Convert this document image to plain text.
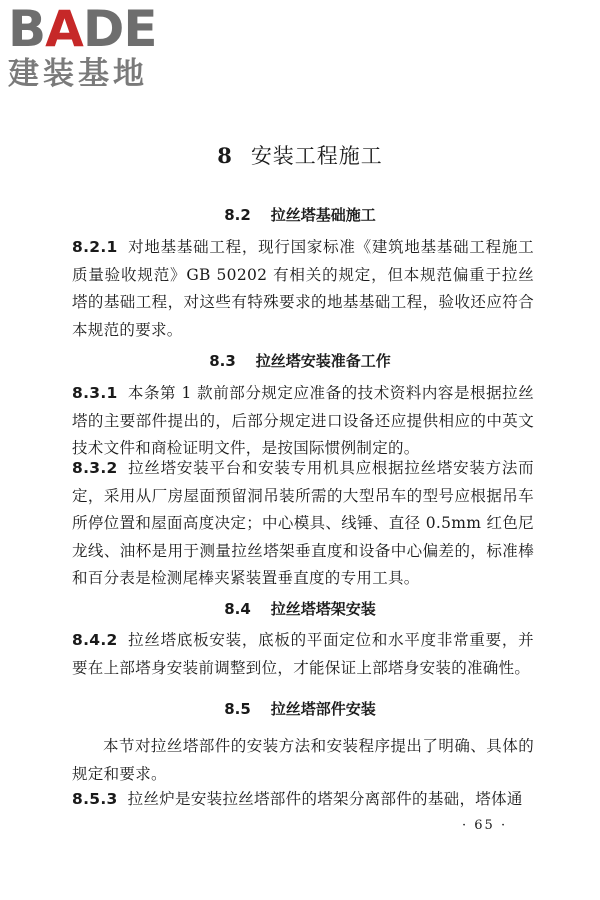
B A D E
建装基地
8 安装工程施工
8.2 拉丝塔基础施工
8.2.1 对地基基础工程，现行国家标准《建筑地基基础工程施工质量验收规范》GB 50202 有相关的规定，但本规范偏重于拉丝塔的基础工程，对这些有特殊要求的地基基础工程，验收还应符合本规范的要求。
8.3 拉丝塔安装准备工作
8.3.1 本条第 1 款前部分规定应准备的技术资料内容是根据拉丝塔的主要部件提出的，后部分规定进口设备还应提供相应的中英文技术文件和商检证明文件，是按国际惯例制定的。
8.3.2 拉丝塔安装平台和安装专用机具应根据拉丝塔安装方法而定，采用从厂房屋面预留洞吊装所需的大型吊车的型号应根据吊车所停位置和屋面高度决定；中心模具、线锤、直径 0.5mm 红色尼龙线、油杯是用于测量拉丝塔架垂直度和设备中心偏差的，标准棒和百分表是检测尾棒夹紧装置垂直度的专用工具。
8.4 拉丝塔塔架安装
8.4.2 拉丝塔底板安装，底板的平面定位和水平度非常重要，并要在上部塔身安装前调整到位，才能保证上部塔身安装的准确性。
8.5 拉丝塔部件安装
本节对拉丝塔部件的安装方法和安装程序提出了明确、具体的规定和要求。
8.5.3 拉丝炉是安装拉丝塔部件的塔架分离部件的基础，塔体通
· 65 ·
